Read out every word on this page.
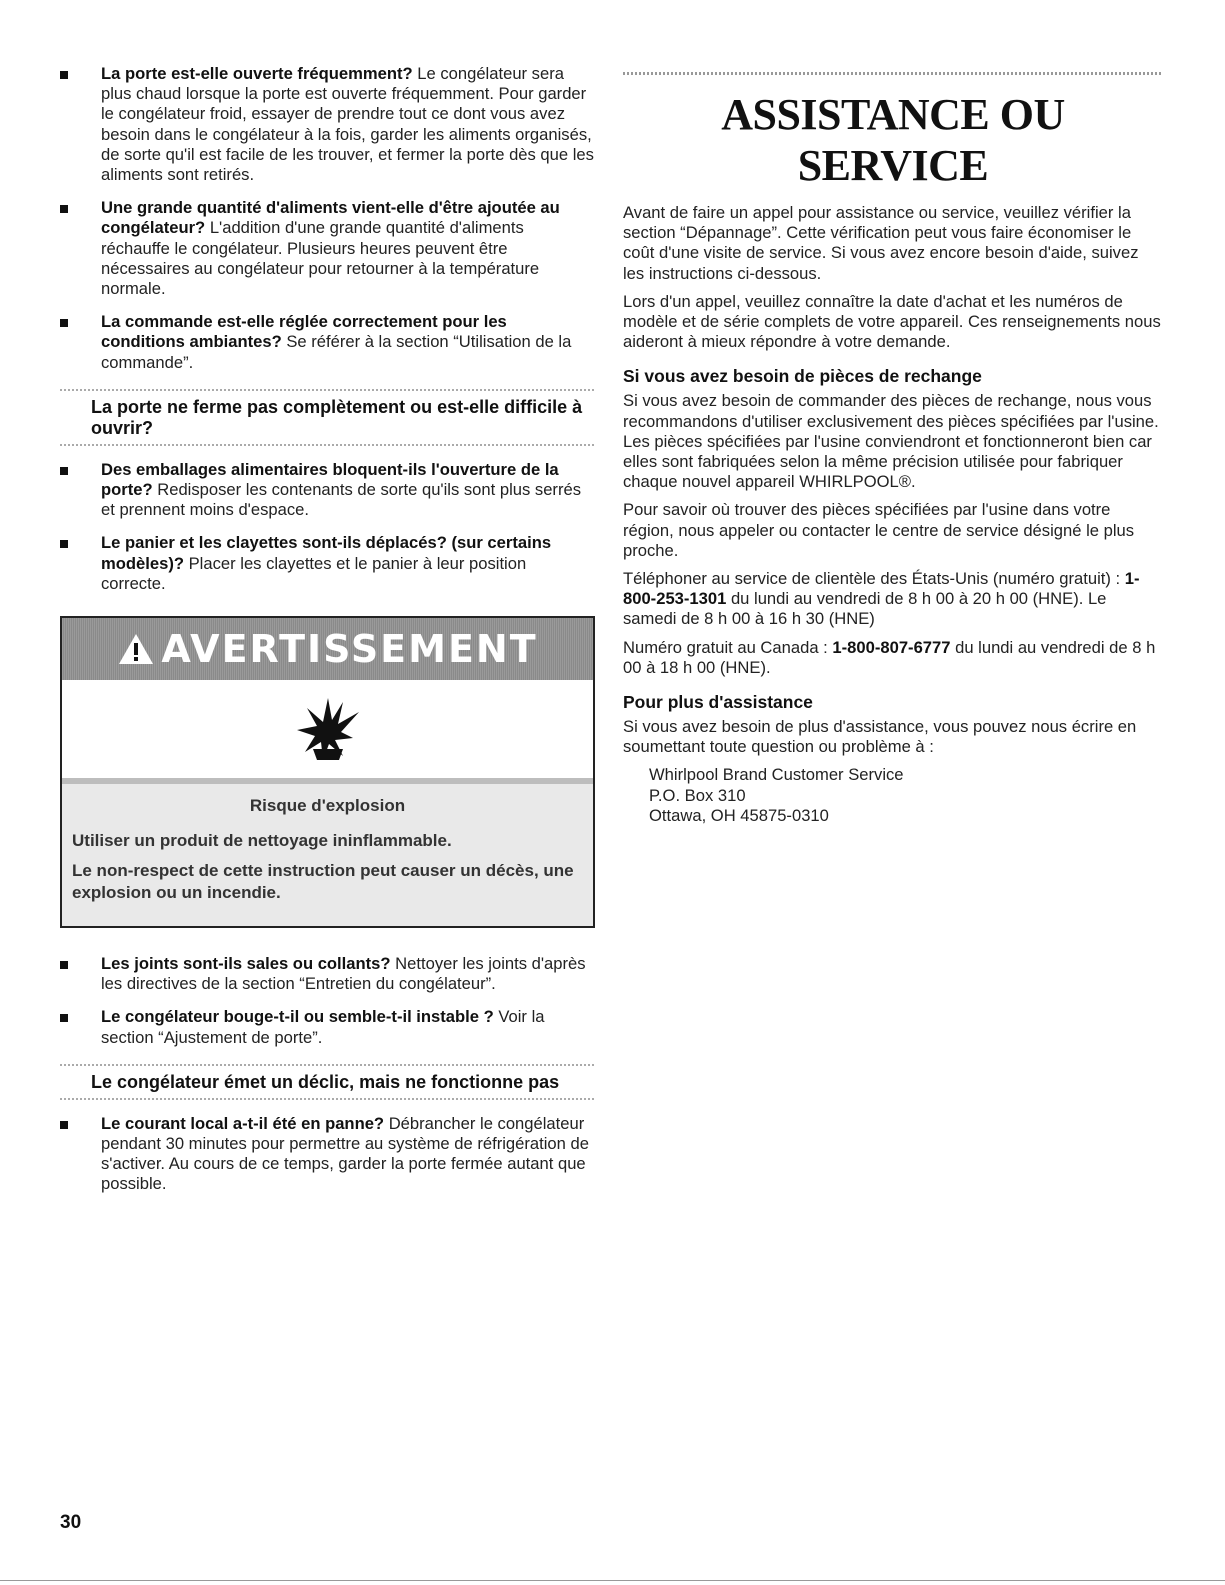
La porte est-elle ouverte fréquemment? Le congélateur sera plus chaud lorsque la porte est ouverte fréquemment. Pour garder le congélateur froid, essayer de prendre tout ce dont vous avez besoin dans le congélateur à la fois, garder les aliments organisés, de sorte qu'il est facile de les trouver, et fermer la porte dès que les aliments sont retirés.
Une grande quantité d'aliments vient-elle d'être ajoutée au congélateur? L'addition d'une grande quantité d'aliments réchauffe le congélateur. Plusieurs heures peuvent être nécessaires au congélateur pour retourner à la température normale.
La commande est-elle réglée correctement pour les conditions ambiantes? Se référer à la section “Utilisation de la commande”.
La porte ne ferme pas complètement ou est-elle difficile à ouvrir?
Des emballages alimentaires bloquent-ils l'ouverture de la porte? Redisposer les contenants de sorte qu'ils sont plus serrés et prennent moins d'espace.
Le panier et les clayettes sont-ils déplacés? (sur certains modèles)? Placer les clayettes et le panier à leur position correcte.
AVERTISSEMENT
Risque d'explosion

Utiliser un produit de nettoyage ininflammable.

Le non-respect de cette instruction peut causer un décès, une explosion ou un incendie.

Les joints sont-ils sales ou collants? Nettoyer les joints d'après les directives de la section “Entretien du congélateur”.
Le congélateur bouge-t-il ou semble-t-il instable ? Voir la section “Ajustement de porte”.
Le congélateur émet un déclic, mais ne fonctionne pas
Le courant local a-t-il été en panne? Débrancher le congélateur pendant 30 minutes pour permettre au système de réfrigération de s'activer. Au cours de ce temps, garder la porte fermée autant que possible.
ASSISTANCE OU SERVICE

Avant de faire un appel pour assistance ou service, veuillez vérifier la section “Dépannage”. Cette vérification peut vous faire économiser le coût d'une visite de service. Si vous avez encore besoin d'aide, suivez les instructions ci-dessous.

Lors d'un appel, veuillez connaître la date d'achat et les numéros de modèle et de série complets de votre appareil. Ces renseignements nous aideront à mieux répondre à votre demande.

Si vous avez besoin de pièces de rechange

Si vous avez besoin de commander des pièces de rechange, nous vous recommandons d'utiliser exclusivement des pièces spécifiées par l'usine. Les pièces spécifiées par l'usine conviendront et fonctionneront bien car elles sont fabriquées selon la même précision utilisée pour fabriquer chaque nouvel appareil WHIRLPOOL®.

Pour savoir où trouver des pièces spécifiées par l'usine dans votre région, nous appeler ou contacter le centre de service désigné le plus proche.

Téléphoner au service de clientèle des États-Unis (numéro gratuit) : 1-800-253-1301 du lundi au vendredi de 8 h 00 à 20 h 00 (HNE). Le samedi de 8 h 00 à 16 h 30 (HNE)

Numéro gratuit au Canada : 1-800-807-6777 du lundi au vendredi de 8 h 00 à 18 h 00 (HNE).

Pour plus d'assistance

Si vous avez besoin de plus d'assistance, vous pouvez nous écrire en soumettant toute question ou problème à :

Whirlpool Brand Customer Service
P.O. Box 310
Ottawa, OH 45875-0310
30
